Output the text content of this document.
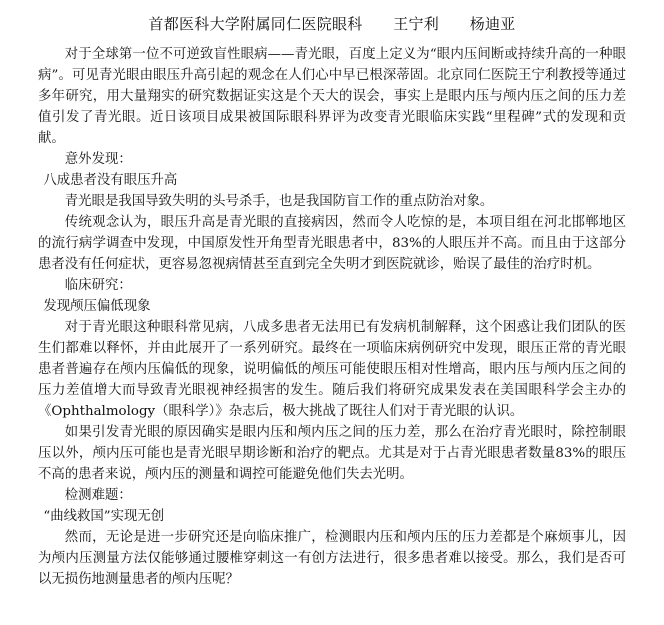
首都医科大学附属同仁医院眼科　　王宁利　　杨迪亚

对于全球第一位不可逆致盲性眼病——青光眼，百度上定义为“眼内压间断或持续升高的一种眼病”。可见青光眼由眼压升高引起的观念在人们心中早已根深蒂固。北京同仁医院王宁利教授等通过多年研究，用大量翔实的研究数据证实这是个天大的误会，事实上是眼内压与颅内压之间的压力差值引发了青光眼。近日该项目成果被国际眼科界评为改变青光眼临床实践“里程碑”式的发现和贡献。

意外发现：

八成患者没有眼压升高

青光眼是我国导致失明的头号杀手，也是我国防盲工作的重点防治对象。

传统观念认为，眼压升高是青光眼的直接病因，然而令人吃惊的是，本项目组在河北邯郸地区的流行病学调查中发现，中国原发性开角型青光眼患者中，83%的人眼压并不高。而且由于这部分患者没有任何症状，更容易忽视病情甚至直到完全失明才到医院就诊，贻误了最佳的治疗时机。

临床研究：

发现颅压偏低现象

对于青光眼这种眼科常见病，八成多患者无法用已有发病机制解释，这个困惑让我们团队的医生们都难以释怀，并由此展开了一系列研究。最终在一项临床病例研究中发现，眼压正常的青光眼患者普遍存在颅内压偏低的现象，说明偏低的颅压可能使眼压相对性增高，眼内压与颅内压之间的压力差值增大而导致青光眼视神经损害的发生。随后我们将研究成果发表在美国眼科学会主办的《Ophthalmology（眼科学）》杂志后，极大挑战了既往人们对于青光眼的认识。

如果引发青光眼的原因确实是眼内压和颅内压之间的压力差，那么在治疗青光眼时，除控制眼压以外，颅内压可能也是青光眼早期诊断和治疗的靶点。尤其是对于占青光眼患者数量83%的眼压不高的患者来说，颅内压的测量和调控可能避免他们失去光明。

检测难题：

“曲线救国”实现无创

然而，无论是进一步研究还是向临床推广，检测眼内压和颅内压的压力差都是个麻烦事儿，因为颅内压测量方法仅能够通过腰椎穿刺这一有创方法进行，很多患者难以接受。那么，我们是否可以无损伤地测量患者的颅内压呢？
